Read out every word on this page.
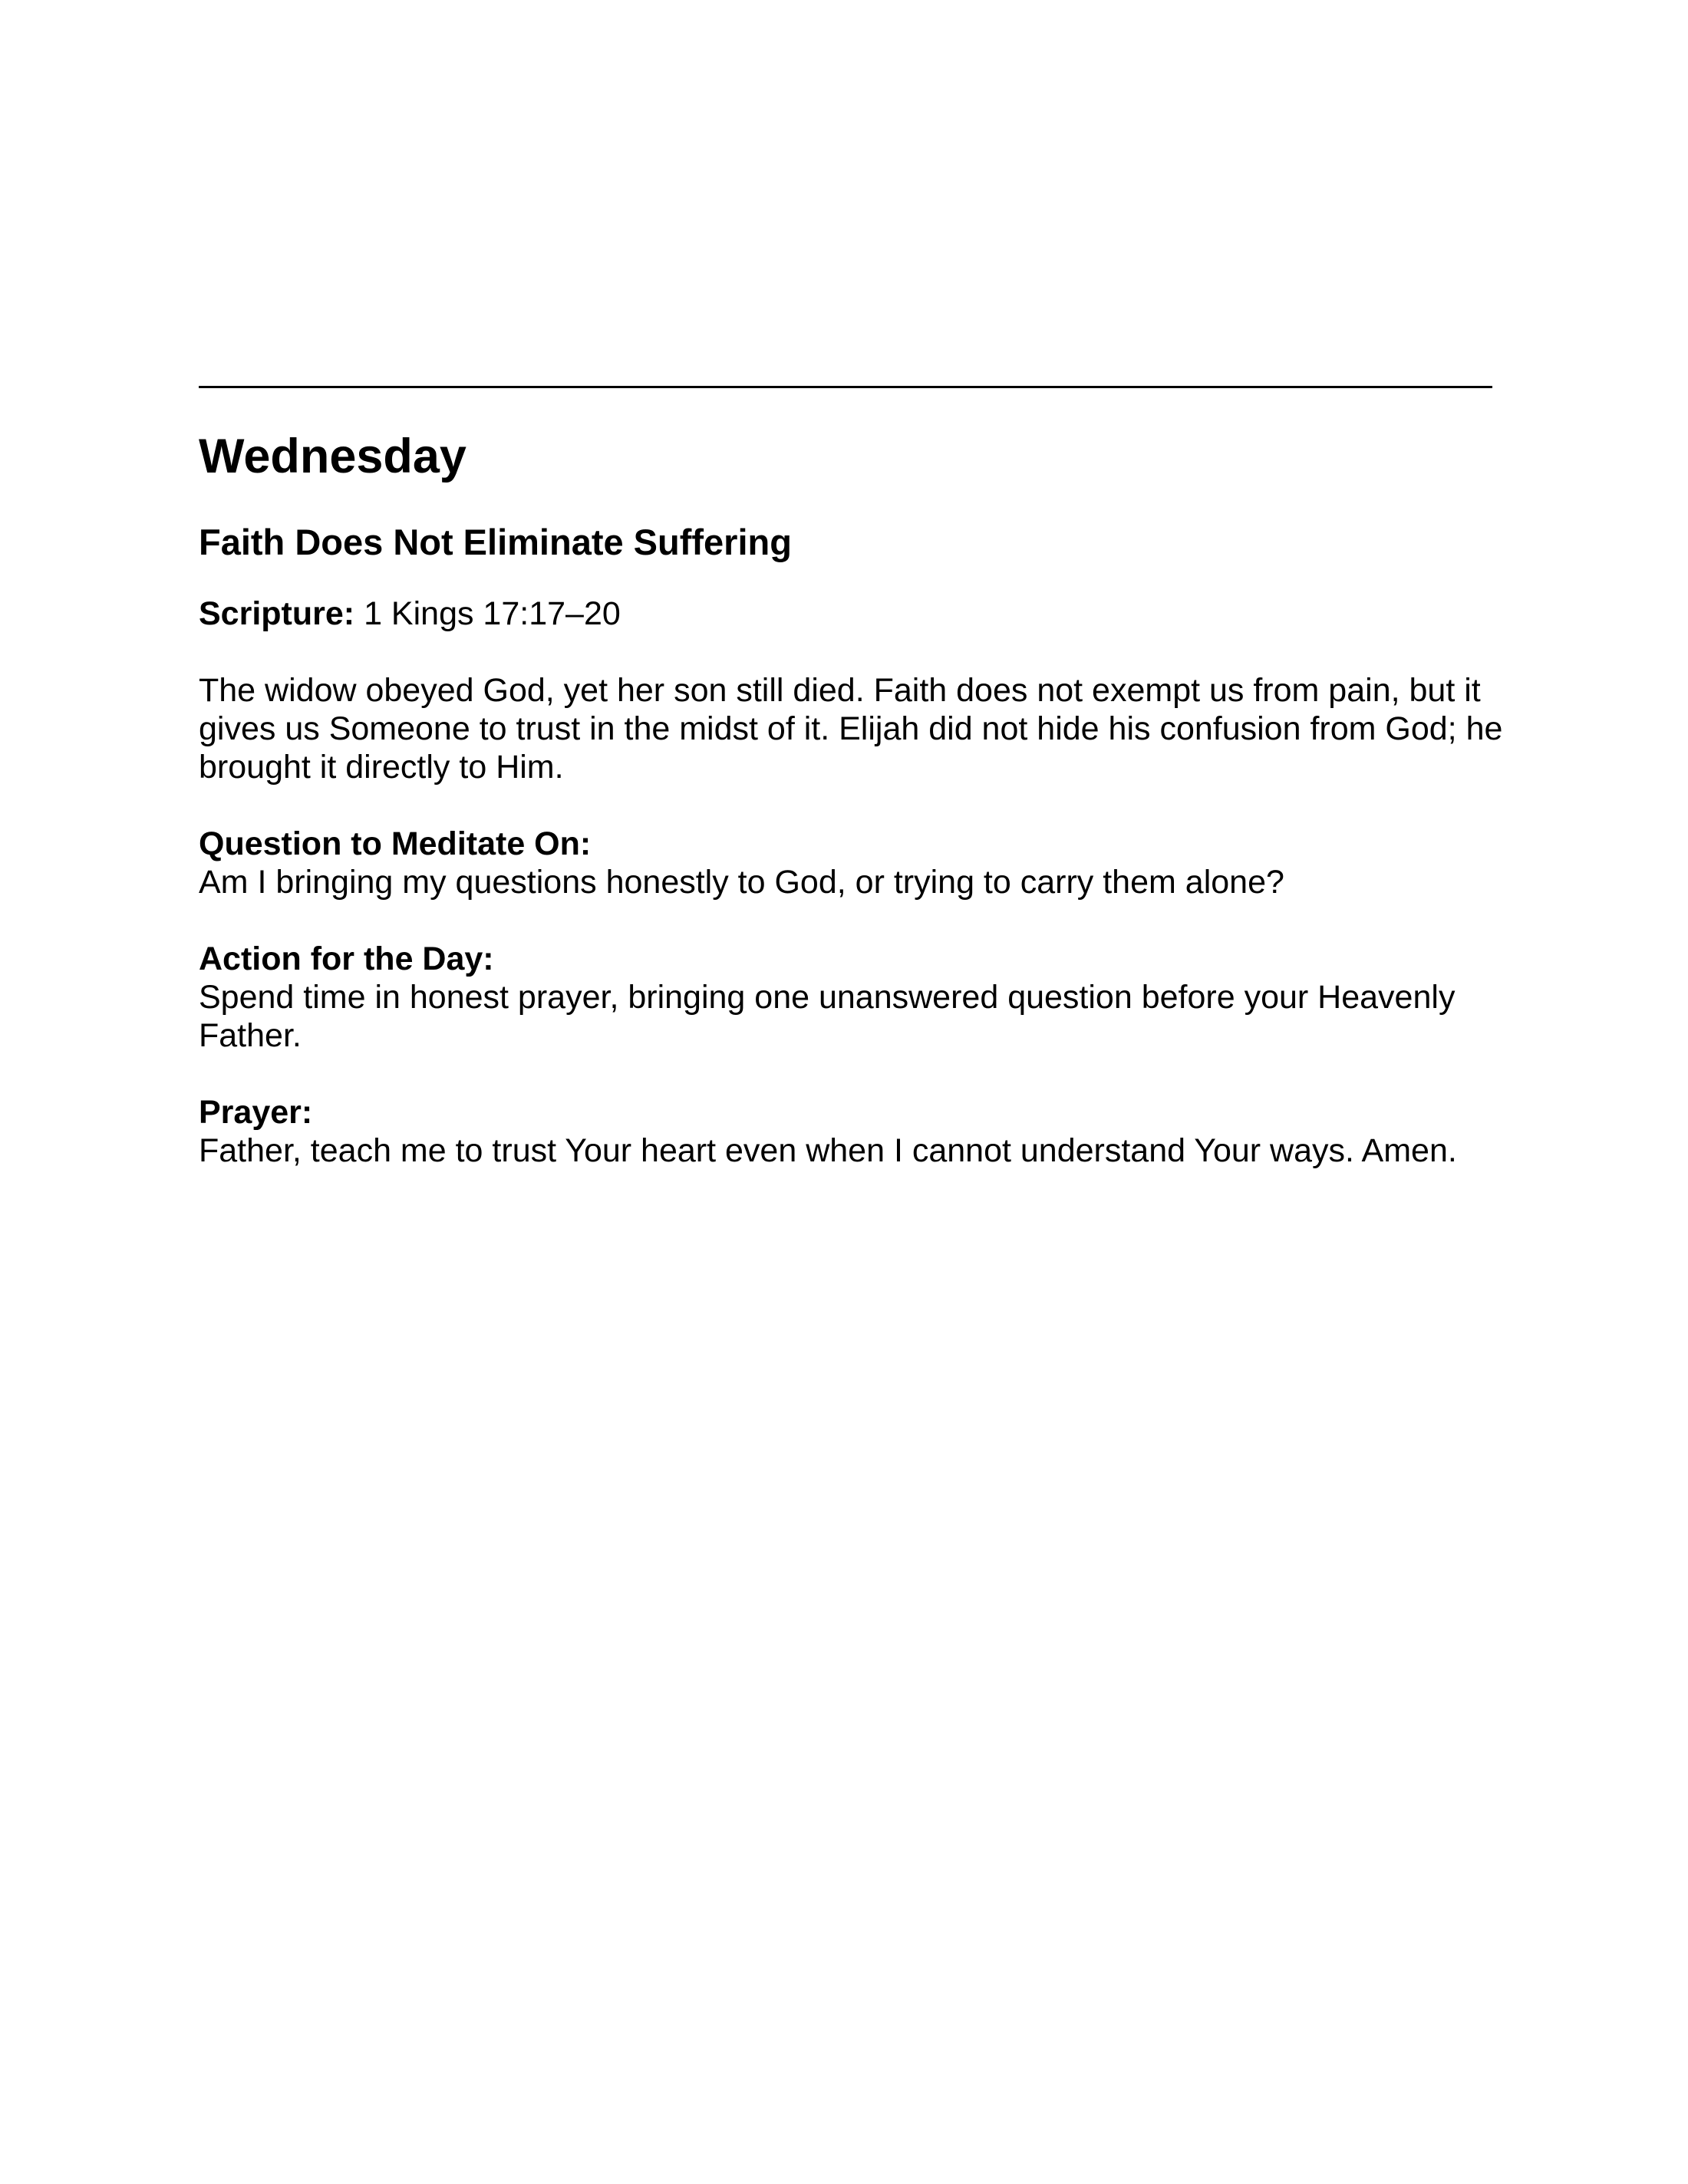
Wednesday
Faith Does Not Eliminate Suffering

Scripture: 1 Kings 17:17–20

The widow obeyed God, yet her son still died. Faith does not exempt us from pain, but it gives us Someone to trust in the midst of it. Elijah did not hide his confusion from God; he brought it directly to Him.

Question to Meditate On:
Am I bringing my questions honestly to God, or trying to carry them alone?
Action for the Day:
Spend time in honest prayer, bringing one unanswered question before your Heavenly Father.
Prayer:
Father, teach me to trust Your heart even when I cannot understand Your ways. Amen.
